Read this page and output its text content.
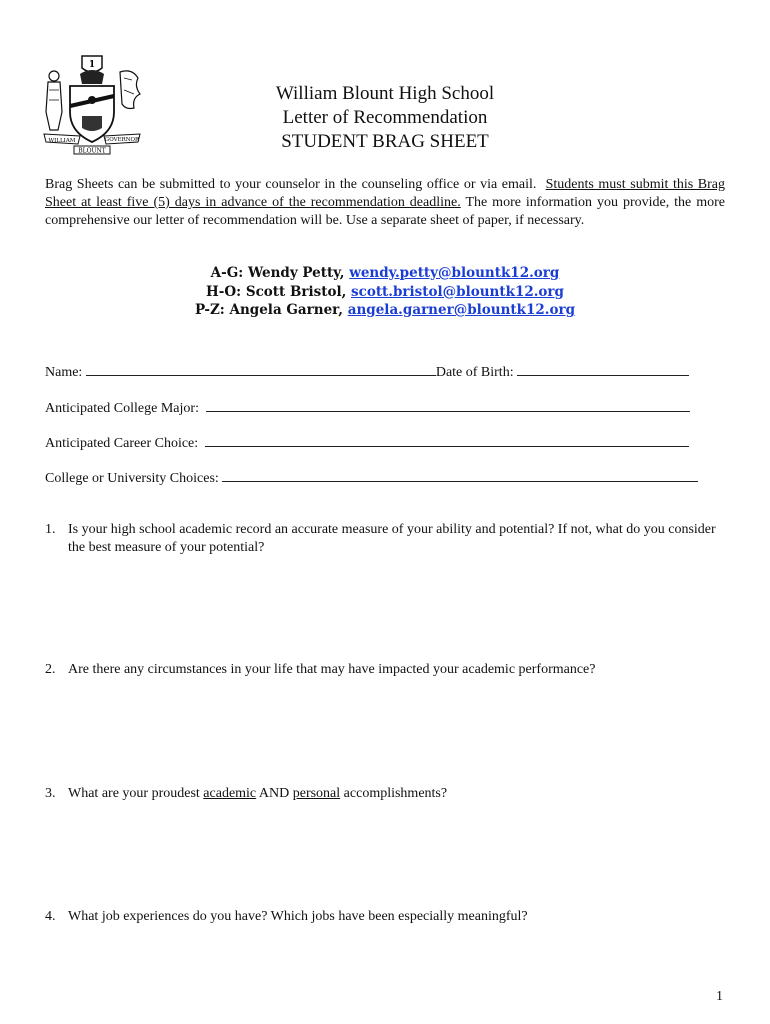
1
WILLIAM	GOVERNOR
BLOUNT
William Blount High School
Letter of Recommendation
STUDENT BRAG SHEET

Brag Sheets can be submitted to your counselor in the counseling office or via email. Students must submit this Brag Sheet at least five (5) days in advance of the recommendation deadline. The more information you provide, the more comprehensive our letter of recommendation will be. Use a separate sheet of paper, if necessary.

A-G: Wendy Petty, wendy.petty@blountk12.org
H-O: Scott Bristol, scott.bristol@blountk12.org
P-Z: Angela Garner, angela.garner@blountk12.org
Name:	Date of Birth:
Anticipated College Major:
Anticipated Career Choice:
College or University Choices:
1. Is your high school academic record an accurate measure of your ability and potential? If not, what do you consider the best measure of your potential?
2. Are there any circumstances in your life that may have impacted your academic performance?
3. What are your proudest academic AND personal accomplishments?
4. What job experiences do you have? Which jobs have been especially meaningful?
1
